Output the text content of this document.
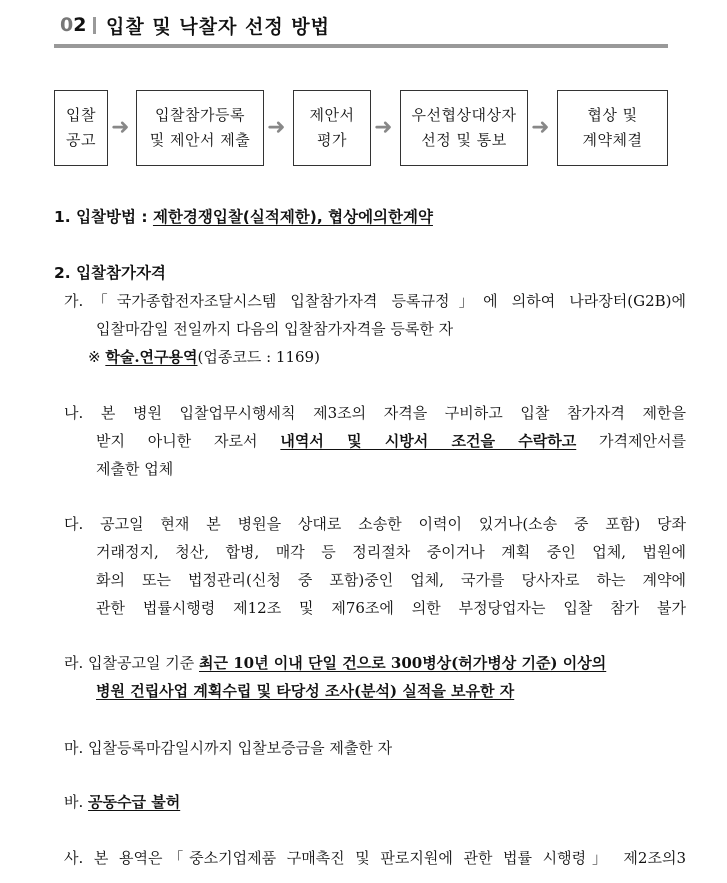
02 입찰 및 낙찰자 선정 방법
입찰
공고 ➜ 입찰참가등록
및 제안서 제출 ➜ 제안서
평가 ➜ 우선협상대상자
선정 및 통보 ➜	협상 및
계약체결
1. 입찰방법 : 제한경쟁입찰(실적제한), 협상에의한계약
2. 입찰참가자격
가.「국가종합전자조달시스템 입찰참가자격 등록규정」에 의하여 나라장터(G2B)에
입찰마감일 전일까지 다음의 입찰참가자격을 등록한 자
※ 학술.연구용역(업종코드 : 1169)
나. 본 병원 입찰업무시행세칙 제3조의 자격을 구비하고 입찰 참가자격 제한을
받지 아니한 자로서 내역서 및 시방서 조건을 수락하고 가격제안서를
제출한 업체
다. 공고일 현재 본 병원을 상대로 소송한 이력이 있거나(소송 중 포함) 당좌
거래정지, 청산, 합병, 매각 등 정리절차 중이거나 계획 중인 업체, 법원에
화의 또는 법정관리(신청 중 포함)중인 업체, 국가를 당사자로 하는 계약에
관한 법률시행령 제12조 및 제76조에 의한 부정당업자는 입찰 참가 불가
라. 입찰공고일 기준 최근 10년 이내 단일 건으로 300병상(허가병상 기준) 이상의
병원 건립사업 계획수립 및 타당성 조사(분석) 실적을 보유한 자
마. 입찰등록마감일시까지 입찰보증금을 제출한 자
바. 공동수급 불허
사. 본 용역은「중소기업제품 구매촉진 및 판로지원에 관한 법률 시행령」 제2조의3
